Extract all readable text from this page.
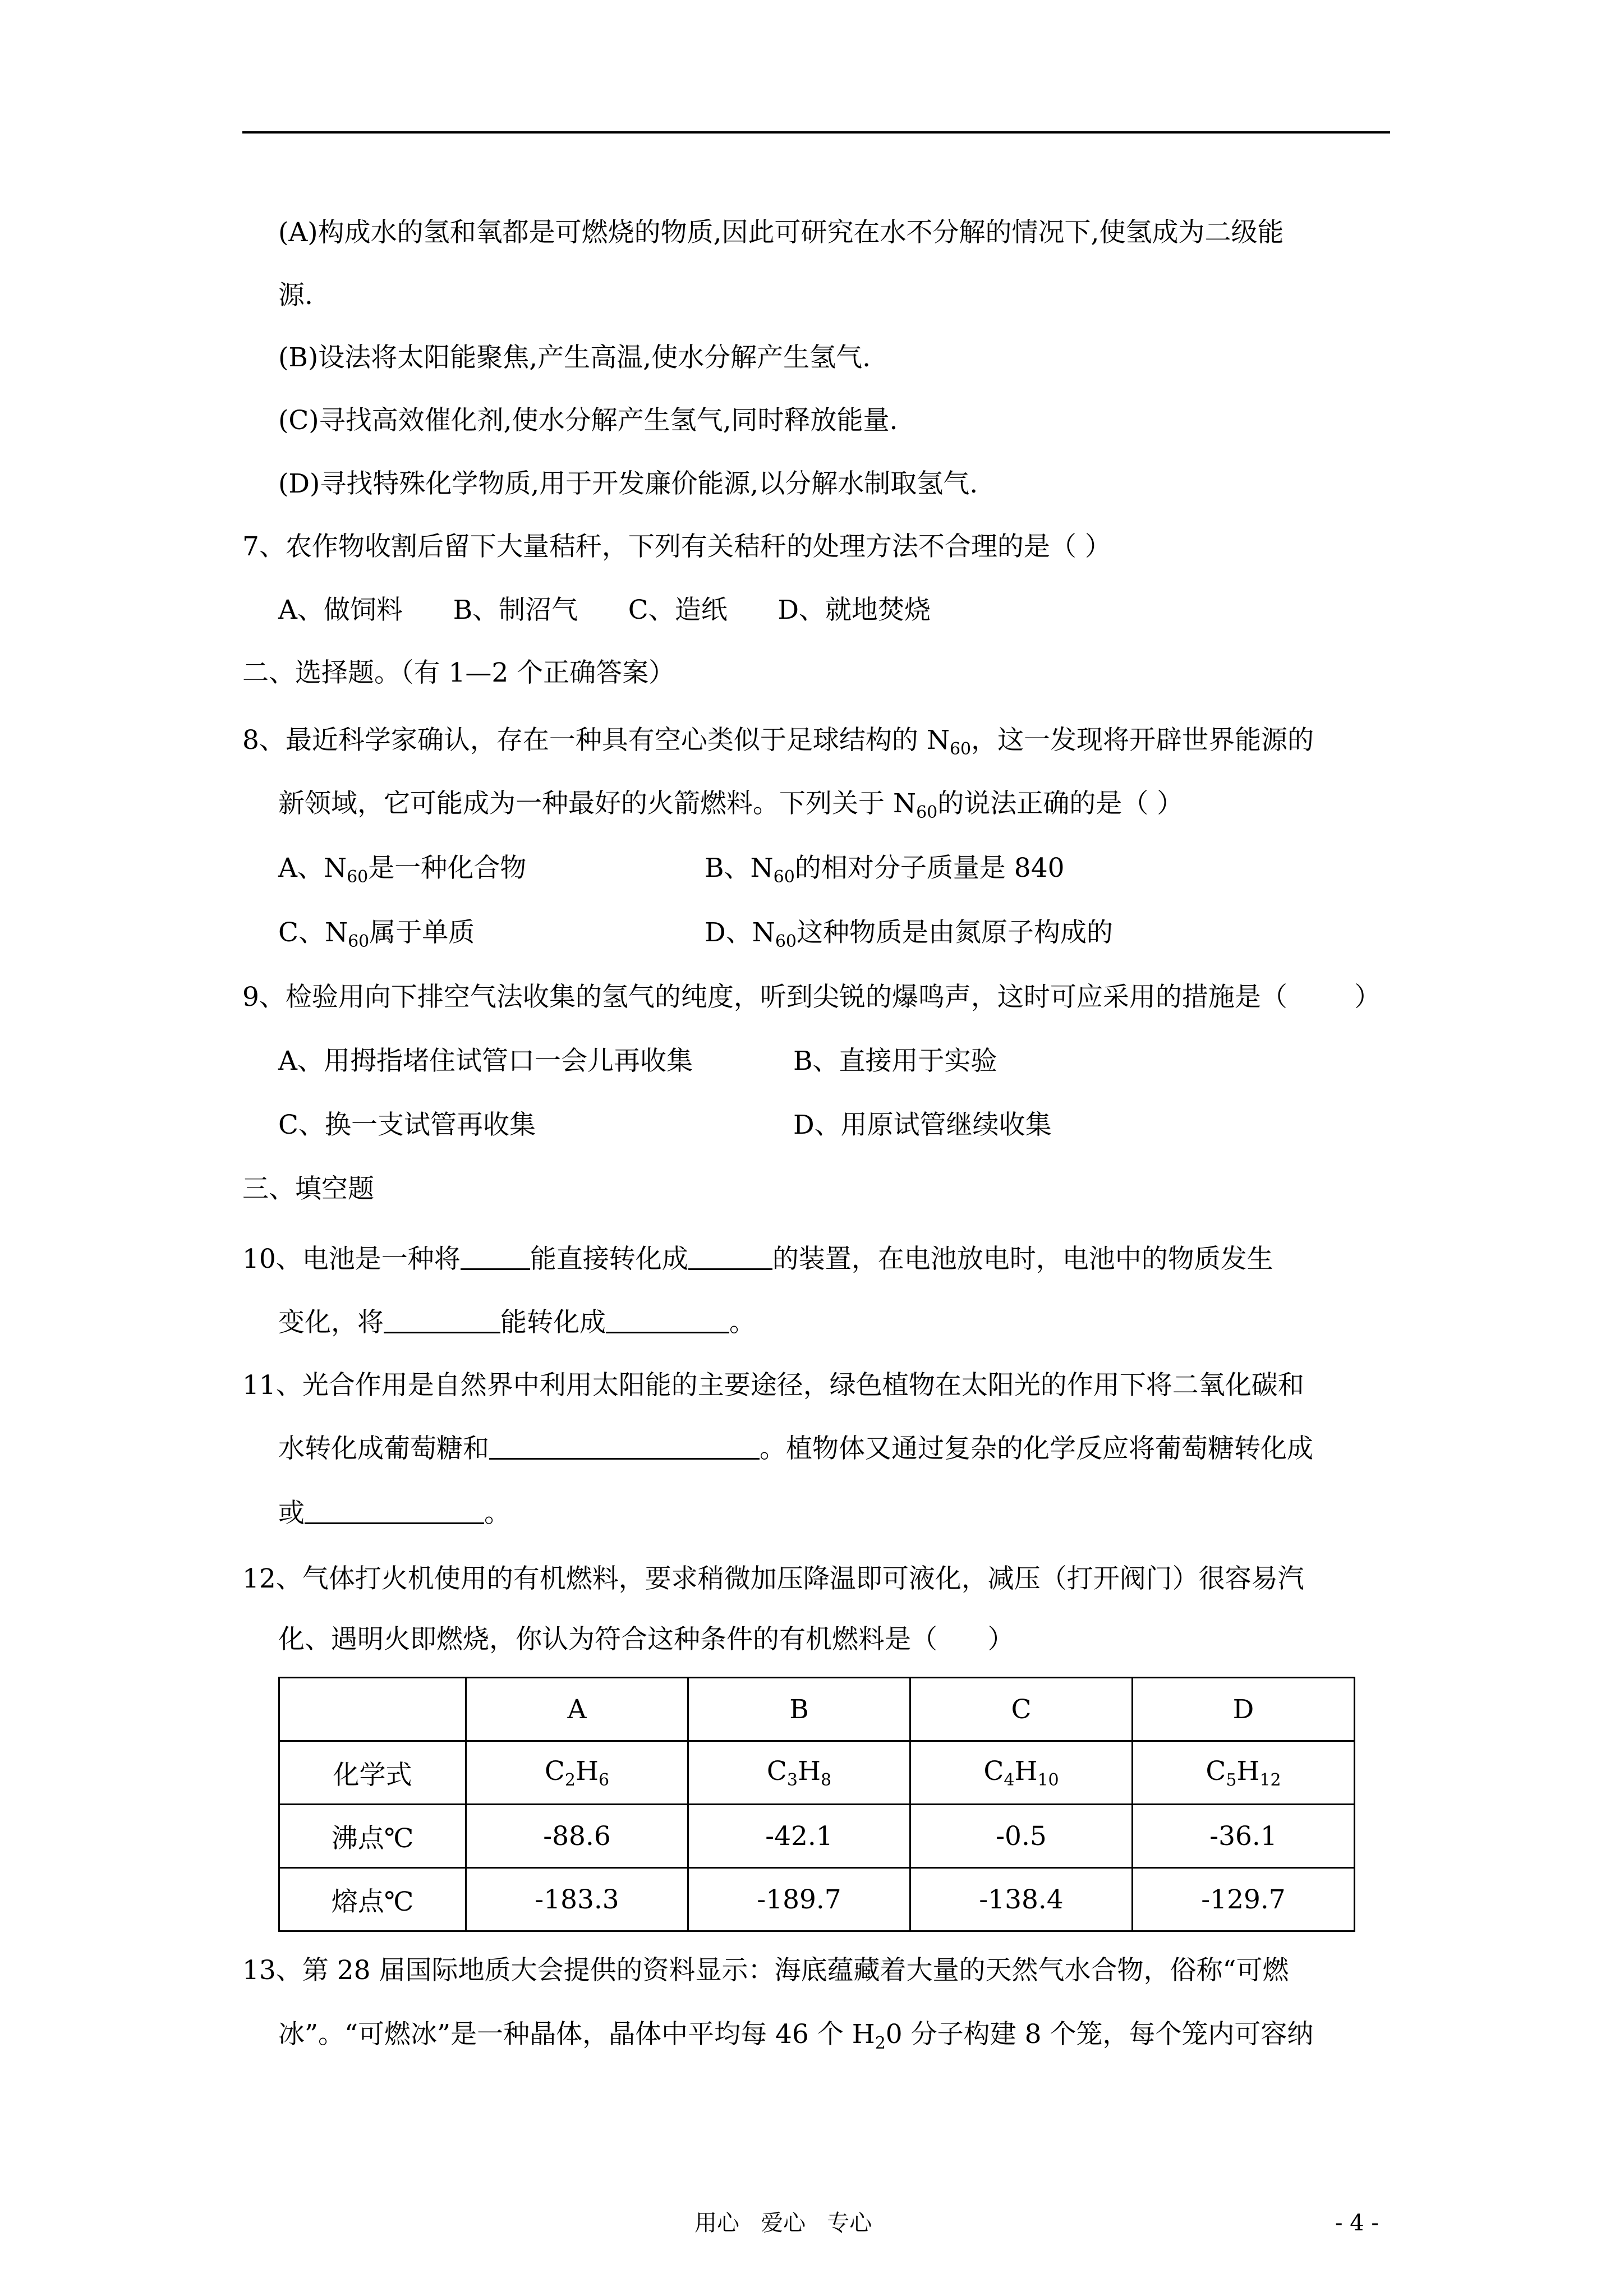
(A)构成水的氢和氧都是可燃烧的物质,因此可研究在水不分解的情况下,使氢成为二级能
源.
(B)设法将太阳能聚焦,产生高温,使水分解产生氢气.
(C)寻找高效催化剂,使水分解产生氢气,同时释放能量.
(D)寻找特殊化学物质,用于开发廉价能源,以分解水制取氢气.
7、农作物收割后留下大量秸秆，下列有关秸秆的处理方法不合理的是（ ）
A、做饲料      B、制沼气      C、造纸      D、就地焚烧
二、选择题。（有 1—2 个正确答案）
8、最近科学家确认，存在一种具有空心类似于足球结构的 $N_{60}$，这一发现将开辟世界能源的
新领域，它可能成为一种最好的火箭燃料。下列关于 $N_{60}$的说法正确的是（ ）
A、$N_{60}$是一种化合物	B、$N_{60}$的相对分子质量是 840
C、$N_{60}$属于单质	D、$N_{60}$这种物质是由氮原子构成的
9、检验用向下排空气法收集的氢气的纯度，听到尖锐的爆鸣声，这时可应采用的措施是（        ）
A、用拇指堵住试管口一会儿再收集	B、直接用于实验
C、换一支试管再收集	D、用原试管继续收集
三、填空题
10、电池是一种将	能直接转化成	的装置，在电池放电时，电池中的物质发生
变化，将	能转化成	。
11、光合作用是自然界中利用太阳能的主要途径，绿色植物在太阳光的作用下将二氧化碳和
水转化成葡萄糖和	。植物体又通过复杂的化学反应将葡萄糖转化成
或	。
12、气体打火机使用的有机燃料，要求稍微加压降温即可液化，减压（打开阀门）很容易汽
化、遇明火即燃烧，你认为符合这种条件的有机燃料是（      ）
	A	B	C	D
化学式	$C_2H_6$	$C_3H_8$	$C_4H_{10}$	$C_5H_{12}$
沸点℃	-88.6	-42.1	-0.5	-36.1
熔点℃	-183.3	-189.7	-138.4	-129.7
13、第 28 届国际地质大会提供的资料显示：海底蕴藏着大量的天然气水合物，俗称“可燃
冰”。“可燃冰”是一种晶体，晶体中平均每 46 个 $H_20$ 分子构建 8 个笼，每个笼内可容纳
用心   爱心   专心	- 4 -
